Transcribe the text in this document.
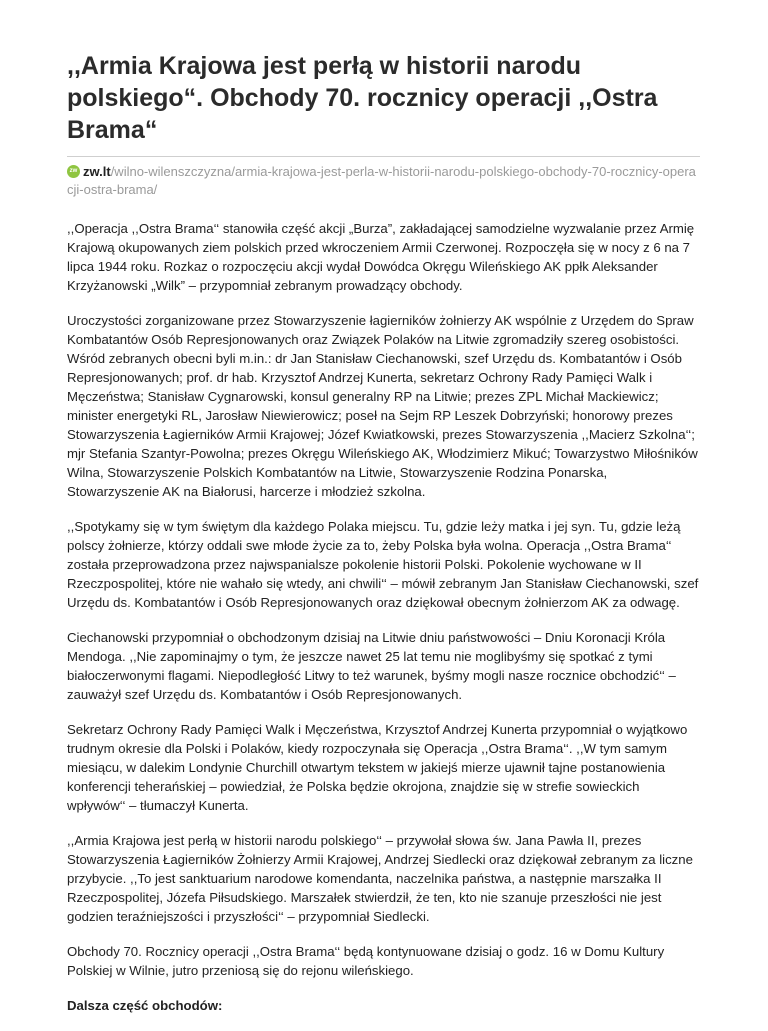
,,Armia Krajowa jest perłą w historii narodu polskiego“. Obchody 70. rocznicy operacji ,,Ostra Brama“
zw zw.lt/wilno-wilenszczyzna/armia-krajowa-jest-perla-w-historii-narodu-polskiego-obchody-70-rocznicy-operacji-ostra-brama/

,,Operacja ,,Ostra Brama‘‘ stanowiła część akcji „Burza”, zakładającej samodzielne wyzwalanie przez Armię Krajową okupowanych ziem polskich przed wkroczeniem Armii Czerwonej. Rozpoczęła się w nocy z 6 na 7 lipca 1944 roku. Rozkaz o rozpoczęciu akcji wydał Dowódca Okręgu Wileńskiego AK ppłk Aleksander Krzyżanowski „Wilk” – przypomniał zebranym prowadzący obchody.

Uroczystości zorganizowane przez Stowarzyszenie łagierników żołnierzy AK wspólnie z Urzędem do Spraw Kombatantów Osób Represjonowanych oraz Związek Polaków na Litwie zgromadziły szereg osobistości. Wśród zebranych obecni byli m.in.: dr Jan Stanisław Ciechanowski, szef Urzędu ds. Kombatantów i Osób Represjonowanych; prof. dr hab. Krzysztof Andrzej Kunerta, sekretarz Ochrony Rady Pamięci Walk i Męczeństwa; Stanisław Cygnarowski, konsul generalny RP na Litwie; prezes ZPL Michał Mackiewicz; minister energetyki RL, Jarosław Niewierowicz; poseł na Sejm RP Leszek Dobrzyński; honorowy prezes Stowarzyszenia Łagierników Armii Krajowej; Józef Kwiatkowski, prezes Stowarzyszenia ,,Macierz Szkolna‘‘; mjr Stefania Szantyr-Powolna; prezes Okręgu Wileńskiego AK, Włodzimierz Mikuć; Towarzystwo Miłośników Wilna, Stowarzyszenie Polskich Kombatantów na Litwie, Stowarzyszenie Rodzina Ponarska, Stowarzyszenie AK na Białorusi, harcerze i młodzież szkolna.

,,Spotykamy się w tym świętym dla każdego Polaka miejscu. Tu, gdzie leży matka i jej syn. Tu, gdzie leżą polscy żołnierze, którzy oddali swe młode życie za to, żeby Polska była wolna. Operacja ,,Ostra Brama‘‘ została przeprowadzona przez najwspanialsze pokolenie historii Polski. Pokolenie wychowane w II Rzeczpospolitej, które nie wahało się wtedy, ani chwili‘‘ – mówił zebranym Jan Stanisław Ciechanowski, szef Urzędu ds. Kombatantów i Osób Represjonowanych oraz dziękował obecnym żołnierzom AK za odwagę.

Ciechanowski przypomniał o obchodzonym dzisiaj na Litwie dniu państwowości – Dniu Koronacji Króla Mendoga. ,,Nie zapominajmy o tym, że jeszcze nawet 25 lat temu nie moglibyśmy się spotkać z tymi białoczerwonymi flagami. Niepodległość Litwy to też warunek, byśmy mogli nasze rocznice obchodzić‘‘ – zauważył szef Urzędu ds. Kombatantów i Osób Represjonowanych.

Sekretarz Ochrony Rady Pamięci Walk i Męczeństwa, Krzysztof Andrzej Kunerta przypomniał o wyjątkowo trudnym okresie dla Polski i Polaków, kiedy rozpoczynała się Operacja ,,Ostra Brama‘‘. ,,W tym samym miesiącu, w dalekim Londynie Churchill otwartym tekstem w jakiejś mierze ujawnił tajne postanowienia konferencji teherańskiej – powiedział, że Polska będzie okrojona, znajdzie się w strefie sowieckich wpływów‘‘ – tłumaczył Kunerta.

,,Armia Krajowa jest perłą w historii narodu polskiego‘‘ – przywołał słowa św. Jana Pawła II, prezes Stowarzyszenia Łagierników Żołnierzy Armii Krajowej, Andrzej Siedlecki oraz dziękował zebranym za liczne przybycie. ,,To jest sanktuarium narodowe komendanta, naczelnika państwa, a następnie marszałka II Rzeczpospolitej, Józefa Piłsudskiego. Marszałek stwierdził, że ten, kto nie szanuje przeszłości nie jest godzien teraźniejszości i przyszłości‘‘ – przypomniał Siedlecki.

Obchody 70. Rocznicy operacji ,,Ostra Brama‘‘ będą kontynuowane dzisiaj o godz. 16 w Domu Kultury Polskiej w Wilnie, jutro przeniosą się do rejonu wileńskiego.

Dalsza część obchodów:
